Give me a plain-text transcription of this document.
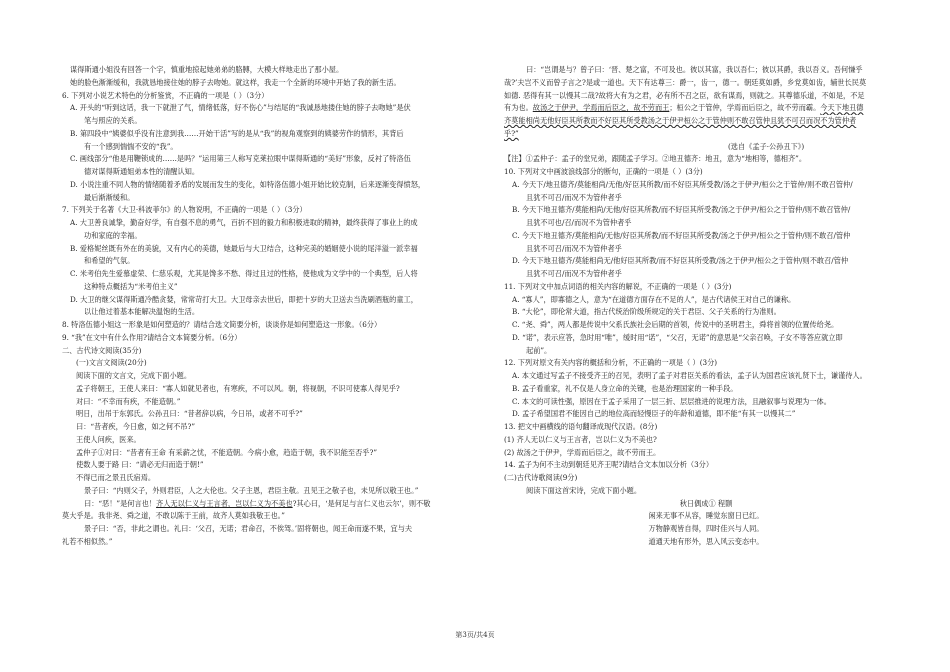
谋得斯通小姐没有回答一个字，慎重地掠起她弟弟的胳膊，大模大样地走出了那小屋。
她的脸色渐渐缓和，我就恳地接住她的脖子去吻她。就这样，我走一个全新的环境中开始了我的新生活。
6. 下列对小说艺术特色的分析鉴赏，不正确的一项是（ ）（3分）
A. 开头的“听到这话，我一下就泄了气，情绪低落，好不伤心”与结尾的“我诚恳地搂住她的脖子去吻她”是伏
笔与照应的关系。
B. 第四段中“姨婆似乎没有注意到我……开始干活”写的是从“我”的视角观察到的姨婆劳作的情形，其背后
有一个感到惴惴不安的“我”。
C. 画线部分“他是用鞭锁成的……是吗？”运用第三人称写克莱拉眼中谋得斯通的“美好”形象，反衬了特洛伍
德对谋得斯通姐弟本性的清醒认知。
D. 小说注重不同人物的情绪随着矛盾的发展而发生的变化，如特洛伍德小姐开始比较克制，后来逐渐变得愤怒，
最后渐渐缓和。
7. 下列关于名著《大卫·科波菲尔》的人物说明，不正确的一项是（ ）（3分）
A. 大卫善良诚挚，勤奋好学，有自强不息的勇气，百折不回的毅力和积极进取的精神，最终获得了事业上的成
功和家庭的幸福。
B. 爱格妮丝既有外在的美貌，又有内心的美德，她最后与大卫结合，这种完美的婚姻使小说的尾洋溢一派幸福
和希望的气氛。
C. 米考伯先生爱慕虚荣、仁慈乐观，尤其是馋多不愁、得过且过的性格，使他成为文学中的一个典型，后人将
这种特点概括为“米考伯主义”
D. 大卫的继父谋得斯通冷酷贪婪，常常苛打大卫。大卫母亲去世后，即把十岁的大卫送去当洗刷酒瓶的童工，
以让他过着基本能解决温饱的生活。
8. 特洛伍德小姐这一形象是如何塑造的？请结合选文简要分析，谈谈你是如何塑造这一形象。（6分）
9. “我”在文中有什么作用?请结合文本简要分析。（6分）
二、古代诗文阅读(35分)
(一)文言文阅读(20分)
阅读下面的文言文，完成下面小题。
孟子将朝王，王使人来曰：“寡人如就见者也，有寒疾，不可以风。朝，将视朝，不识可使寡人得见乎?
对曰：“不幸而有疾，不能造朝。”
明日，出吊于东郭氏。公孙丑曰：“昔者辞以病，今日吊，或者不可乎?”
曰：“昔者疾，今日愈，如之何不吊?”
王使人问疾，医来。
孟仲子①对曰：“昔者有王命 有采薪之忧，不能造朝。今病小愈，趋造于朝，我不识能至否乎?”
使数人要于路 曰：“请必无归而造于朝!”
不得已而之景丑氏宿焉。
景子曰：“内则父子，外则君臣，人之大伦也。父子主恩，君臣主敬。丑见王之敬子也，未见所以敬王也。”
曰：“恶！”是何言也！齐人无以仁义与王言者，岂以仁义为不美也?其心曰，‘是何足与言仁义也云尔’，则不敬
莫大乎是。我非尧、舜之道，不敢以陈于王前，故齐人莫如我敬王也。”
景子曰：“否，非此之谓也。礼曰：‘父召，无诺；君命召，不俟驾。’固将朝也，闻王命而遂不果，宜与夫
礼若不相似然。”
曰：“岂谓是与？曾子曰：‘晋、楚之富，不可及也。彼以其富，我以吾仁；彼以其爵，我以吾义。吾何慊乎
哉?’夫岂不义而曾子言之?是或一道也。天下有达尊三：爵一，齿一，德一。朝廷莫如爵，乡党莫如齿，辅世长民莫
如德. 恶得有其一以慢其二哉?故将大有为之君，必有所不召之臣，欲有谋焉，则就之。其尊德乐道，不如是，不足
有为也。故汤之于伊尹，学焉而后臣之，故不劳而王；桓公之于管仲，学焉而后臣之，故不劳而霸。今天下地丑德
齐莫能相尚无他好臣其所教而不好臣其所受教汤之于伊尹桓公之于管仲则不敢召管仲且犹不可召而况不为管仲者
乎?”
(选自《孟子·公孙丑下》)
【注】①孟仲子：孟子的堂兄弟，跟随孟子学习。②地丑德齐：地丑，意为“地相等，德相齐”。
10. 下列对文中画波浪线部分的断句，正确的一项是（ ）(3分)
A. 今天下/地丑德齐/莫能相尚/无他/好臣其所教/而不好臣其所受教/汤之于伊尹/桓公之于管仲/则不敢召管仲/
且犹不可召/而况不为管仲者乎
B. 今天下地丑德齐/莫能相尚/无他/好臣其所教/而不好臣其所受教/汤之于伊尹/桓公之于管仲/则不敢召管仲/
且犹不可也/召/而况不为管仲者乎
C. 今天下地丑德齐/莫能相尚/无他/好臣其所教/而不好臣其所受教/汤之于伊尹/桓公之于管仲/则不敢召/管仲
且犹不可召/而况不为管仲者乎
D. 今天下地丑德齐/莫能相尚无/他好臣其所教/而不好臣其所受教/汤之于伊尹/桓公之于管仲/则不敢召/管仲
且犹不可召/而况不为管仲者乎
11. 下列对文中加点词语的相关内容的解说，不正确的一项是（ ）(3分)
A. “寡人”，即寡德之人，意为“在道德方面存在不足的人”，是古代诸侯王对自己的谦称。
B. “大伦”，即伦常大道，指古代统治阶级所规定的关于君臣、父子关系的行为准则。
C. “尧、舜”，两人都是传说中父系氏族社会后期的首领，传说中的圣明君主，舜将首领的位置传给尧。
D. “诺”，表示应答，急时用“唯”，缓时用“诺”，“父召，无诺”的意思是“父亲召唤，子女不等答应就立即
起前”。
12. 下列对原文有关内容的概括和分析，不正确的一项是（ ）(3分)
A. 本文通过写孟子不接受齐王的召见，表明了孟子对君臣关系的看法，孟子认为国君应该礼贤下士，谦谨待人。
B. 孟子看重家，礼不仅是人身立命的关键，也是治理国家的一种手段。
C. 本文的可读性强，原因在于孟子采用了一层三折、层层推进的说理方法，且融叙事与说理为一体。
D. 孟子希望国君不能因自己的地位高而轻慢臣子的年龄和道德，即不能“有其一以慢其二”
13. 把文中画横线的语句翻译成现代汉语。(8分)
(1) 齐人无以仁义与王言者，岂以仁义为不美也?
(2) 故汤之于伊尹，学焉而后臣之，故不劳而王。
14. 孟子为何不主动到朝廷见齐王呢?请结合文本加以分析（3分）
(二)古代诗歌阅读(9分)
阅读下面这首宋诗，完成下面小题。
秋日偶成① 程颢
闲来无事不从容，睡觉东窗日已红。
万物静观皆自得，四时佳兴与人同。
道通天地有形外，思入风云变态中。
第3页/共4页
